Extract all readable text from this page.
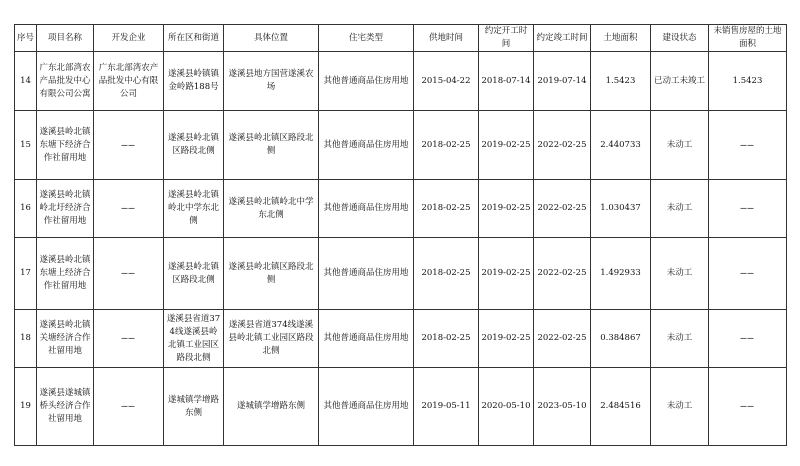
序号	项目名称	开发企业	所在区和街道	具体位置	住宅类型	供地时间	约定开工时间	约定竣工时间	土地面积	建设状态	未销售房屋的土地面积
14	广东北部湾农产品批发中心有限公司公寓	广东北部湾农产品批发中心有限公司	遂溪县岭镇镇金岭路188号	遂溪县地方国营遂溪农场	其他普通商品住房用地	2015-04-22	2018-07-14	2019-07-14	1.5423	已动工未竣工	1.5423
15	遂溪县岭北镇东塘下经济合作社留用地	——	遂溪县岭北镇区路段北侧	遂溪县岭北镇区路段北侧	其他普通商品住房用地	2018-02-25	2019-02-25	2022-02-25	2.440733	未动工	——
16	遂溪县岭北镇岭北圩经济合作社留用地	——	遂溪县岭北镇岭北中学东北侧	遂溪县岭北镇岭北中学东北侧	其他普通商品住房用地	2018-02-25	2019-02-25	2022-02-25	1.030437	未动工	——
17	遂溪县岭北镇东塘上经济合作社留用地	——	遂溪县岭北镇区路段北侧	遂溪县岭北镇区路段北侧	其他普通商品住房用地	2018-02-25	2019-02-25	2022-02-25	1.492933	未动工	——
18	遂溪县岭北镇关塘经济合作社留用地	——	遂溪县省道374线遂溪县岭北镇工业园区路段北侧	遂溪县省道374线遂溪县岭北镇工业园区路段北侧	其他普通商品住房用地	2018-02-25	2019-02-25	2022-02-25	0.384867	未动工	——
19	遂溪县遂城镇桥头经济合作社留用地	——	遂城镇学增路东侧	遂城镇学增路东侧	其他普通商品住房用地	2019-05-11	2020-05-10	2023-05-10	2.484516	未动工	——
